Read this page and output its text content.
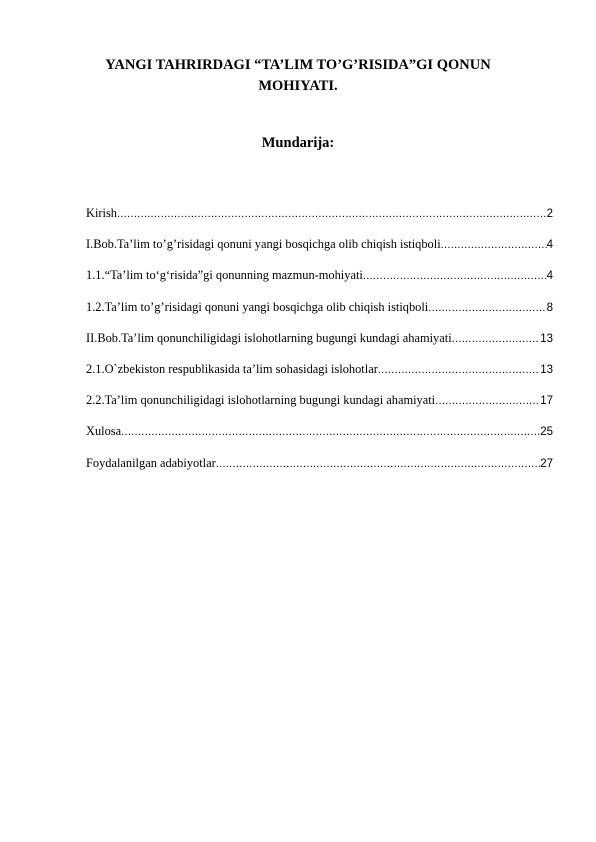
YANGI TAHRIRDAGI “TA’LIM TO’G’RISIDA”GI QONUN
MOHIYATI.
Mundarija:
Kirish .....	2
I.Bob.Ta’lim to’g’risidagi qonuni yangi bosqichga olib chiqish istiqboli .....	4
1.1.“Ta’lim to‘g‘risida”gi qonunning mazmun-mohiyati .....	4
1.2.Ta’lim to’g’risidagi qonuni yangi bosqichga olib chiqish istiqboli .....	8
II.Bob.Ta’lim qonunchiligidagi islohotlarning bugungi kundagi ahamiyati .....	13
2.1.O`zbekiston respublikasida ta’lim sohasidagi islohotlar .....	13
2.2.Ta’lim qonunchiligidagi islohotlarning bugungi kundagi ahamiyati .....	17
Xulosa .....	25
Foydalanilgan adabiyotlar .....	27
